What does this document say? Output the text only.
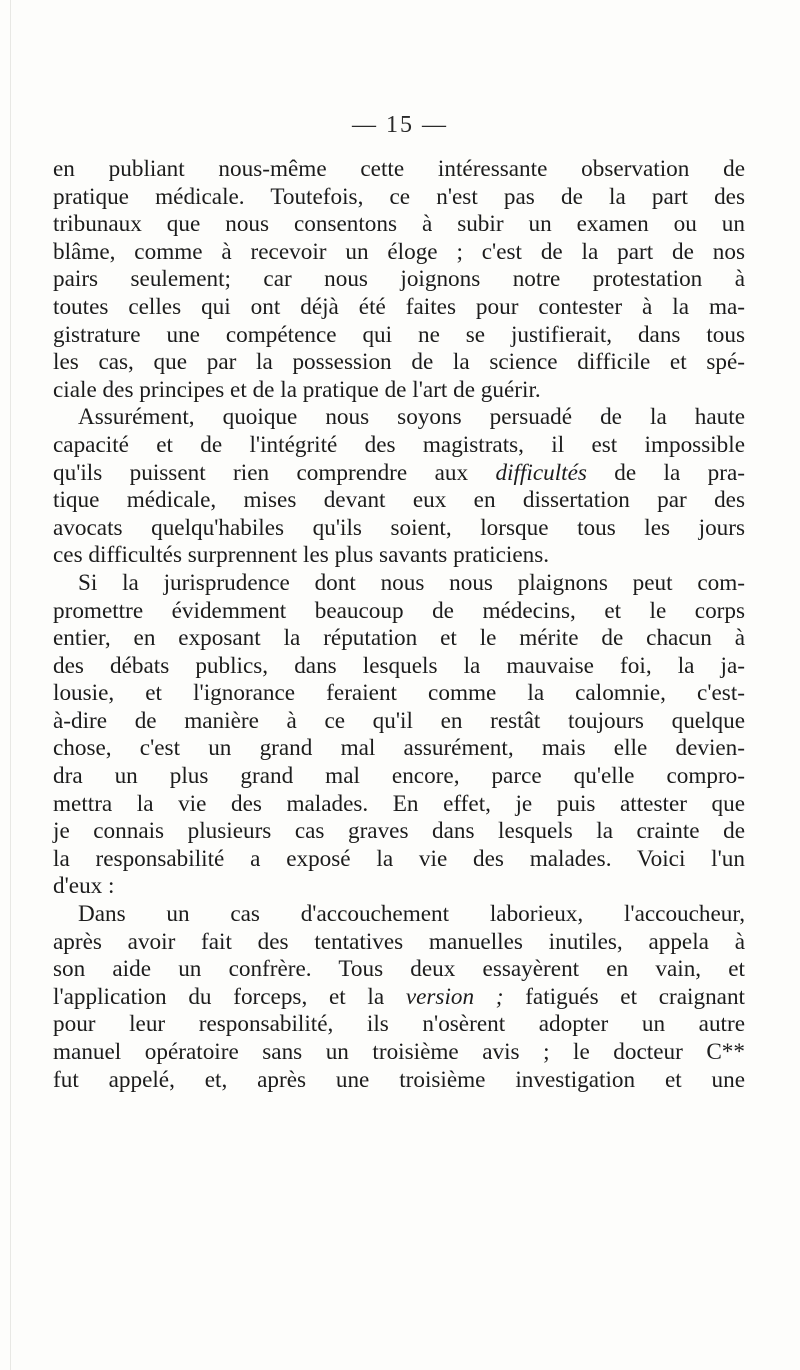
— 15 —
en publiant nous-même cette intéressante observation de
pratique médicale. Toutefois, ce n'est pas de la part des
tribunaux que nous consentons à subir un examen ou un
blâme, comme à recevoir un éloge ; c'est de la part de nos
pairs seulement; car nous joignons notre protestation à
toutes celles qui ont déjà été faites pour contester à la ma-
gistrature une compétence qui ne se justifierait, dans tous
les cas, que par la possession de la science difficile et spé-
ciale des principes et de la pratique de l'art de guérir.
Assurément, quoique nous soyons persuadé de la haute
capacité et de l'intégrité des magistrats, il est impossible
qu'ils puissent rien comprendre aux difficultés de la pra-
tique médicale, mises devant eux en dissertation par des
avocats quelqu'habiles qu'ils soient, lorsque tous les jours
ces difficultés surprennent les plus savants praticiens.
Si la jurisprudence dont nous nous plaignons peut com-
promettre évidemment beaucoup de médecins, et le corps
entier, en exposant la réputation et le mérite de chacun à
des débats publics, dans lesquels la mauvaise foi, la ja-
lousie, et l'ignorance feraient comme la calomnie, c'est-
à-dire de manière à ce qu'il en restât toujours quelque
chose, c'est un grand mal assurément, mais elle devien-
dra un plus grand mal encore, parce qu'elle compro-
mettra la vie des malades. En effet, je puis attester que
je connais plusieurs cas graves dans lesquels la crainte de
la responsabilité a exposé la vie des malades. Voici l'un
d'eux :
Dans un cas d'accouchement laborieux, l'accoucheur,
après avoir fait des tentatives manuelles inutiles, appela à
son aide un confrère. Tous deux essayèrent en vain, et
l'application du forceps, et la version ; fatigués et craignant
pour leur responsabilité, ils n'osèrent adopter un autre
manuel opératoire sans un troisième avis ; le docteur C**
fut appelé, et, après une troisième investigation et une
